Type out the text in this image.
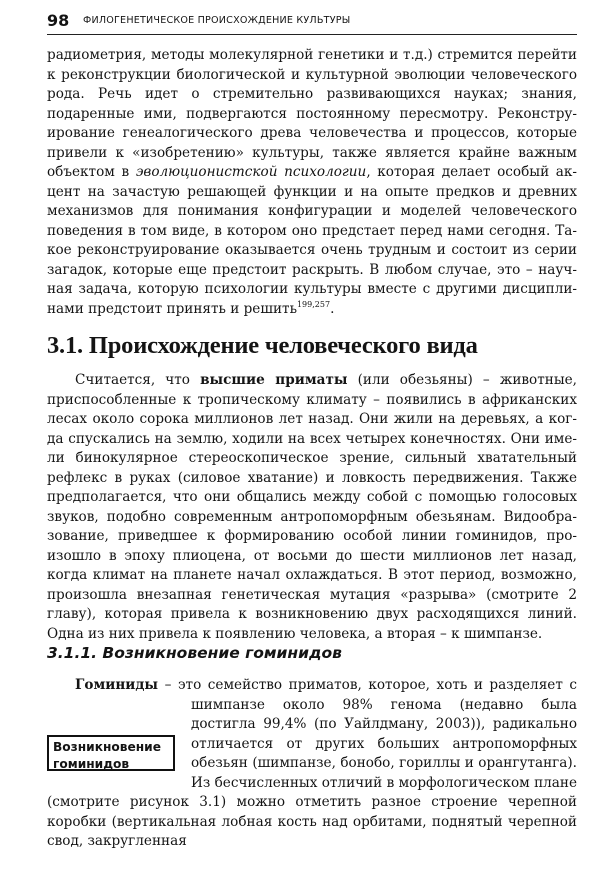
98 ФИЛОГЕНЕТИЧЕСКОЕ ПРОИСХОЖДЕНИЕ КУЛЬТУРЫ

радиометрия, методы молекулярной генетики и т.д.) стремится перейти к реконструкции биологической и культурной эволюции человеческого рода. Речь идет о стремительно развивающихся науках; знания, подаренные ими, подвергаются постоянному пересмотру. Реконструирование генеалогического древа человечества и процессов, которые привели к «изобретению» культуры, также является крайне важным объектом в эволюционистской психологии, которая делает особый акцент на зачастую решающей функции и на опыте предков и древних механизмов для понимания конфигурации и моделей человеческого поведения в том виде, в котором оно предстает перед нами сегодня. Такое реконструирование оказывается очень трудным и состоит из серии загадок, которые еще предстоит раскрыть. В любом случае, это – научная задача, которую психологии культуры вместе с другими дисциплинами предстоит принять и решить$^{199,257}$.

3.1. Происхождение человеческого вида

Считается, что высшие приматы (или обезьяны) – животные, приспособленные к тропическому климату – появились в африканских лесах около сорока миллионов лет назад. Они жили на деревьях, а когда спускались на землю, ходили на всех четырех конечностях. Они имели бинокулярное стереоскопическое зрение, сильный хватательный рефлекс в руках (силовое хватание) и ловкость передвижения. Также предполагается, что они общались между собой с помощью голосовых звуков, подобно современным антропоморфным обезьянам. Видообразование, приведшее к формированию особой линии гоминидов, произошло в эпоху плиоцена, от восьми до шести миллионов лет назад, когда климат на планете начал охлаждаться. В этот период, возможно, произошла внезапная генетическая мутация «разрыва» (смотрите 2 главу), которая привела к возникновению двух расходящихся линий. Одна из них привела к появлению человека, а вторая – к шимпанзе.

3.1.1. Возникновение гоминидов

Гоминиды – это семейство приматов, которое, хоть и разделяет с шимпанзе около 98% генома (недавно была достигла 99,4% (по Уайлдману, 2003)), радикально отличается от других больших антропоморфных обезьян (шимпанзе, бонобо, гориллы и орангутанга). Из бесчисленных отличий в морфологическом плане (смотрите рисунок 3.1) можно отметить разное строение черепной коробки (вертикальная лобная кость над орбитами, поднятый черепной свод, закругленная

Возникновение
гоминидов
